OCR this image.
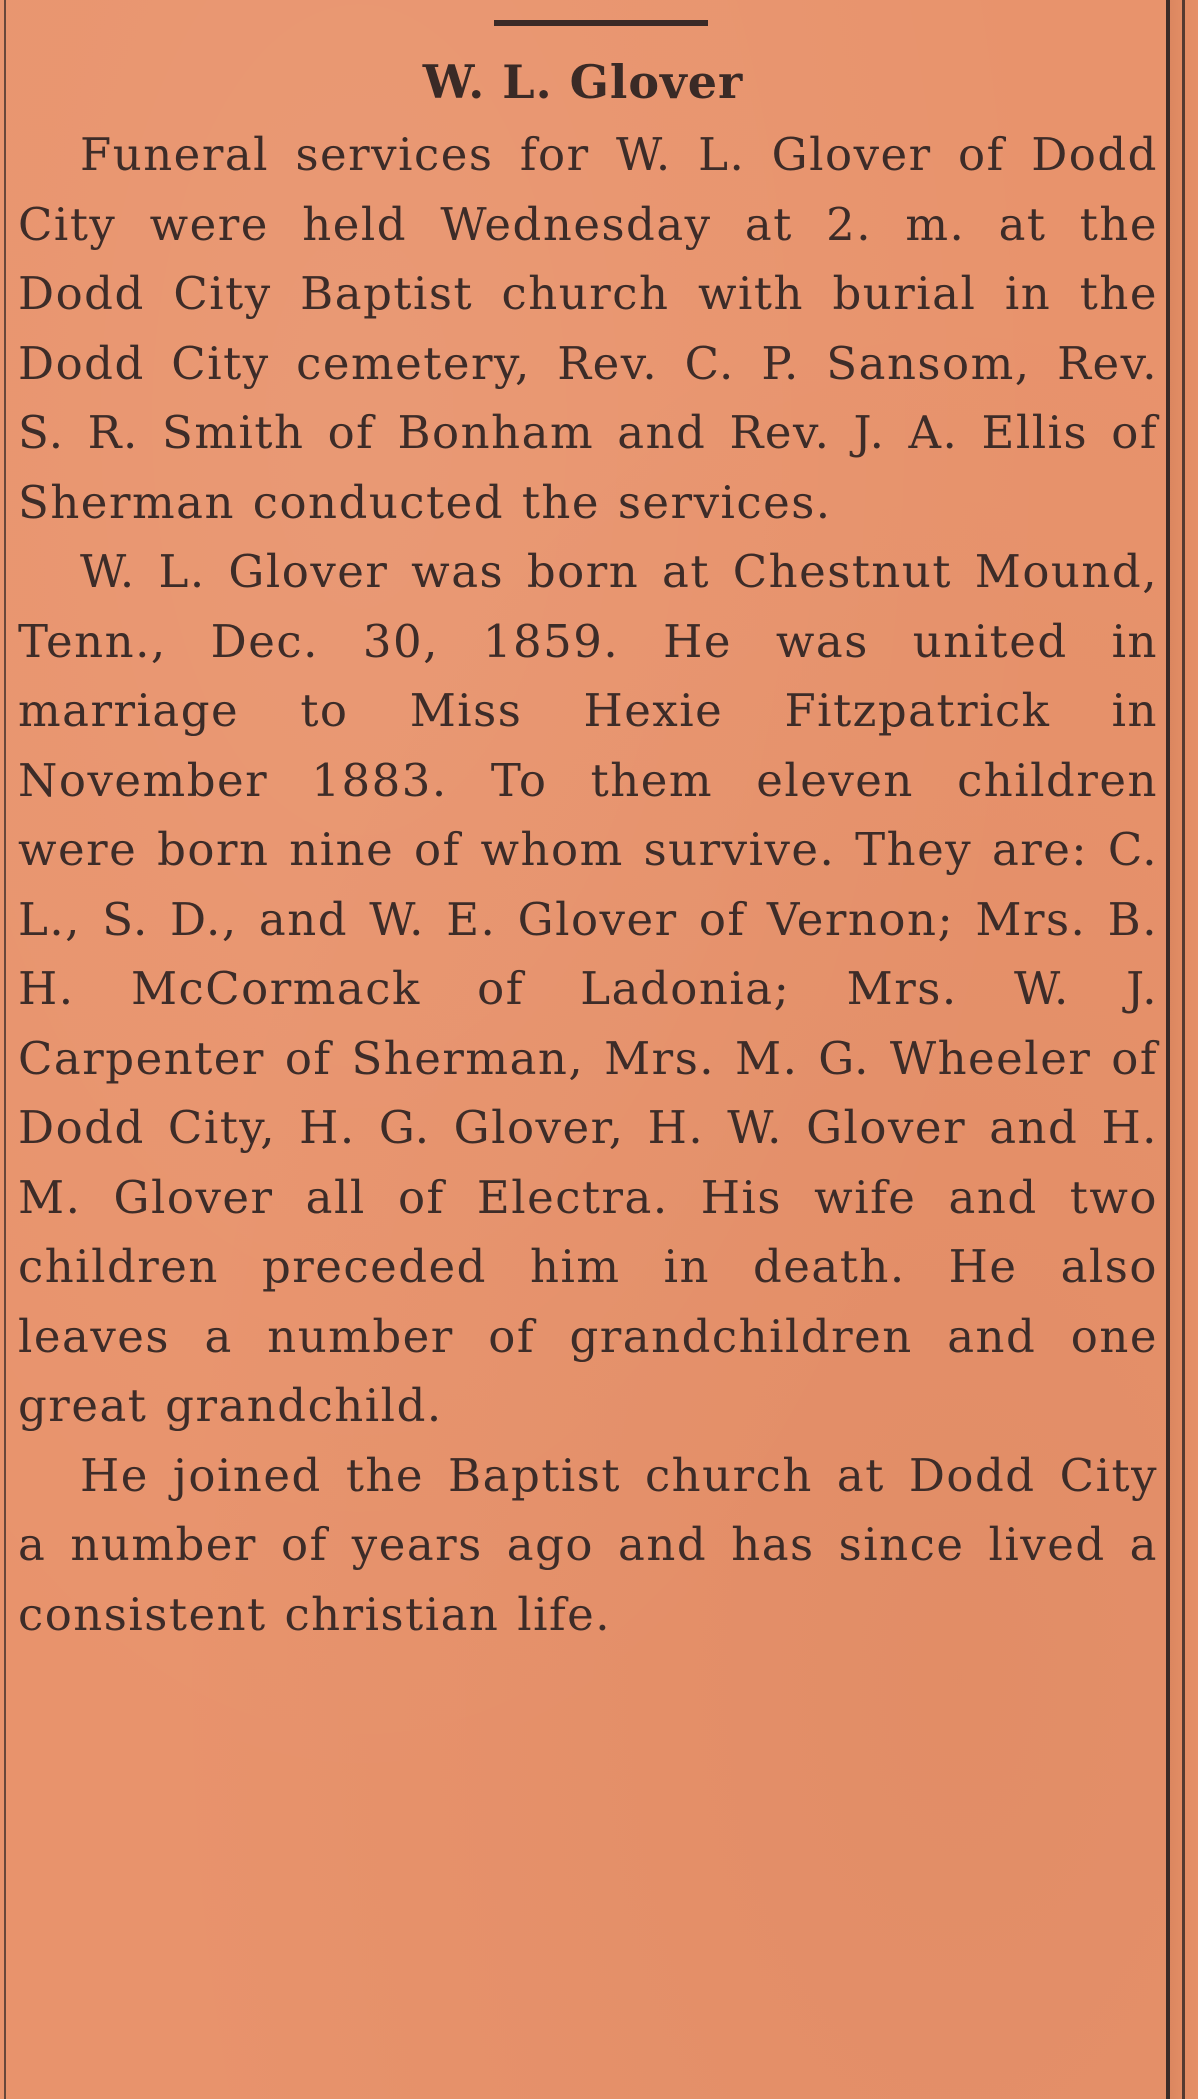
W. L. Glover

Funeral services for W. L. Glover of Dodd City were held Wednesday at 2. m. at the Dodd City Baptist church with burial in the Dodd City cemetery, Rev. C. P. Sansom, Rev. S. R. Smith of Bonham and Rev. J. A. Ellis of Sherman conducted the services.

W. L. Glover was born at Chestnut Mound, Tenn., Dec. 30, 1859. He was united in marriage to Miss Hexie Fitzpatrick in November 1883. To them eleven children were born nine of whom survive. They are: C. L., S. D., and W. E. Glover of Vernon; Mrs. B. H. McCormack of Ladonia; Mrs. W. J. Carpenter of Sherman, Mrs. M. G. Wheeler of Dodd City, H. G. Glover, H. W. Glover and H. M. Glover all of Electra. His wife and two children preceded him in death. He also leaves a number of grandchildren and one great grandchild.

He joined the Baptist church at Dodd City a number of years ago and has since lived a consistent christian life.
